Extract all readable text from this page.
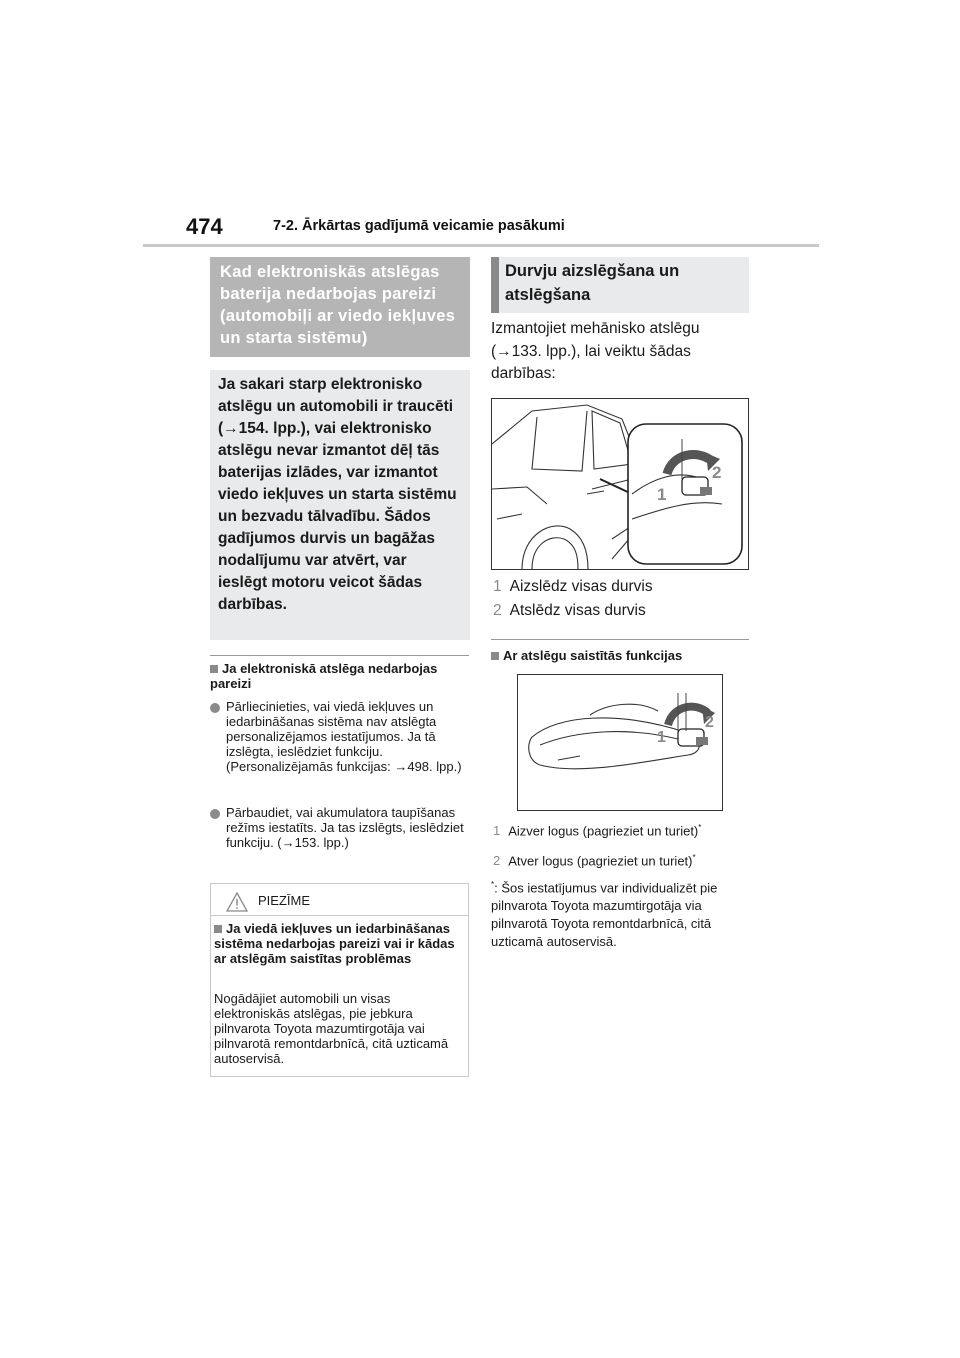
474	7-2. Ārkārtas gadījumā veicamie pasākumi
Kad elektroniskās atslēgas baterija nedarbojas pareizi (automobiļi ar viedo iekļuves un starta sistēmu)
Ja sakari starp elektronisko atslēgu un automobili ir traucēti (→154. lpp.), vai elektronisko atslēgu nevar izmantot dēļ tās baterijas izlādes, var izmantot viedo iekļuves un starta sistēmu un bezvadu tālvadību. Šādos gadījumos durvis un bagāžas nodalījumu var atvērt, var ieslēgt motoru veicot šādas darbības.
Ja elektroniskā atslēga nedarbojas pareizi
Pārliecinieties, vai viedā iekļuves un iedarbināšanas sistēma nav atslēgta personalizējamos iestatījumos. Ja tā izslēgta, ieslēdziet funkciju. (Personalizējamās funkcijas: →498. lpp.)
Pārbaudiet, vai akumulatora taupīšanas režīms iestatīts. Ja tas izslēgts, ieslēdziet funkciju. (→153. lpp.)
PIEZĪME
Ja viedā iekļuves un iedarbināšanas sistēma nedarbojas pareizi vai ir kādas ar atslēgām saistītas problēmas
Nogādājiet automobili un visas elektroniskās atslēgas, pie jebkura pilnvarota Toyota mazumtirgotāja vai pilnvarotā remontdarbnīcā, citā uzticamā autoservisā.
Durvju aizslēgšana un atslēgšana
Izmantojiet mehānisko atslēgu (→133. lpp.), lai veiktu šādas darbības:
1
2
1 Aizslēdz visas durvis
2 Atslēdz visas durvis
Ar atslēgu saistītās funkcijas
1
2
1 Aizver logus (pagrieziet un turiet)*
2 Atver logus (pagrieziet un turiet)*
*: Šos iestatījumus var individualizēt pie pilnvarota Toyota mazumtirgotāja via pilnvarotā Toyota remontdarbnīcā, citā uzticamā autoservisā.
